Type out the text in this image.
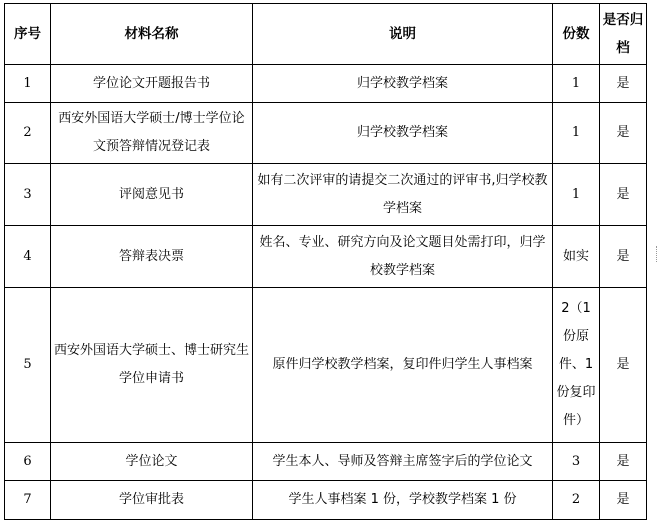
序号	材料名称	说明	份数	是否归档
1	学位论文开题报告书	归学校教学档案	1	是
2	西安外国语大学硕士/博士学位论文预答辩情况登记表	归学校教学档案	1	是
3	评阅意见书	如有二次评审的请提交二次通过的评审书,归学校教学档案	1	是
4	答辩表决票	姓名、专业、研究方向及论文题目处需打印，归学校教学档案	如实	是
5	西安外国语大学硕士、博士研究生学位申请书	原件归学校教学档案，复印件归学生人事档案	2（1份原件、1份复印件）	是
6	学位论文	学生本人、导师及答辩主席签字后的学位论文	3	是
7	学位审批表	学生人事档案 1 份，学校教学档案 1 份	2	是
